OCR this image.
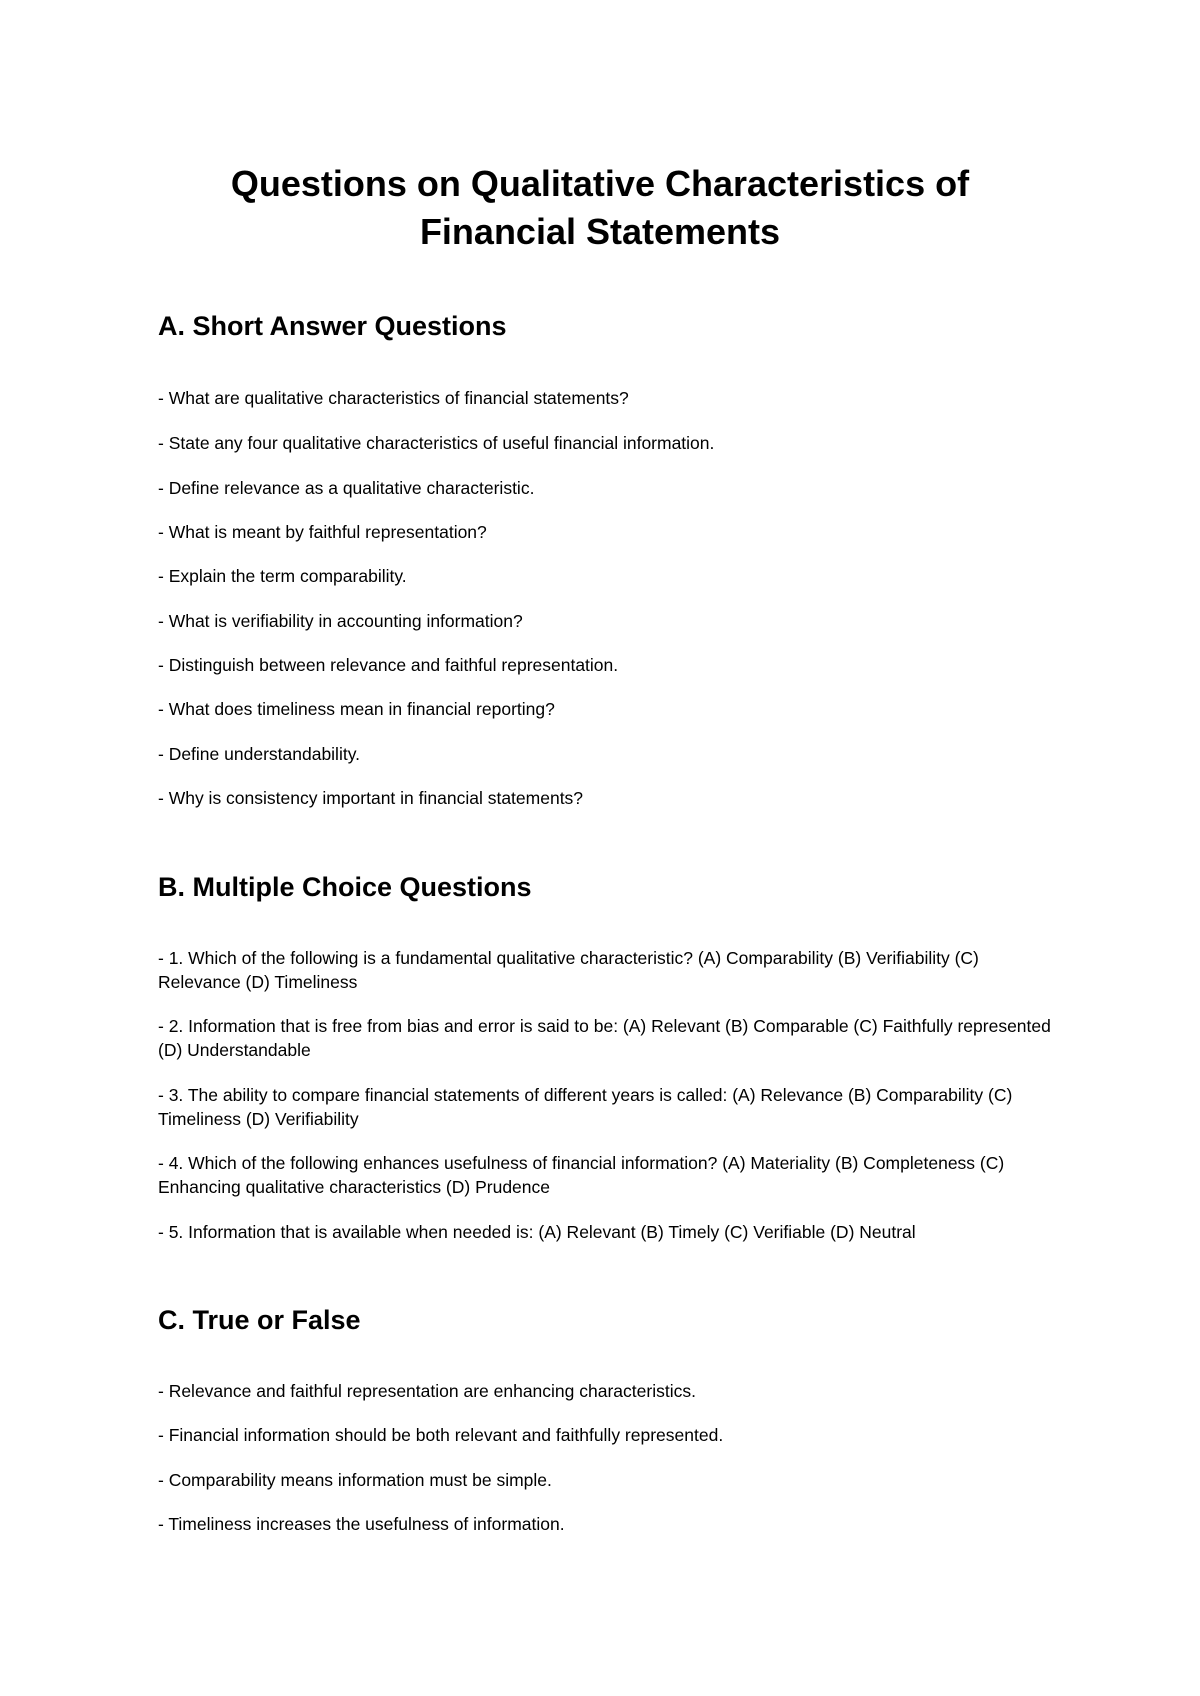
Questions on Qualitative Characteristics of
Financial Statements
A. Short Answer Questions

- What are qualitative characteristics of financial statements?

- State any four qualitative characteristics of useful financial information.

- Define relevance as a qualitative characteristic.

- What is meant by faithful representation?

- Explain the term comparability.

- What is verifiability in accounting information?

- Distinguish between relevance and faithful representation.

- What does timeliness mean in financial reporting?

- Define understandability.

- Why is consistency important in financial statements?

B. Multiple Choice Questions

- 1. Which of the following is a fundamental qualitative characteristic? (A) Comparability (B) Verifiability (C) Relevance (D) Timeliness

- 2. Information that is free from bias and error is said to be: (A) Relevant (B) Comparable (C) Faithfully represented (D) Understandable

- 3. The ability to compare financial statements of different years is called: (A) Relevance (B) Comparability (C) Timeliness (D) Verifiability

- 4. Which of the following enhances usefulness of financial information? (A) Materiality (B) Completeness (C) Enhancing qualitative characteristics (D) Prudence

- 5. Information that is available when needed is: (A) Relevant (B) Timely (C) Verifiable (D) Neutral

C. True or False

- Relevance and faithful representation are enhancing characteristics.

- Financial information should be both relevant and faithfully represented.

- Comparability means information must be simple.

- Timeliness increases the usefulness of information.
